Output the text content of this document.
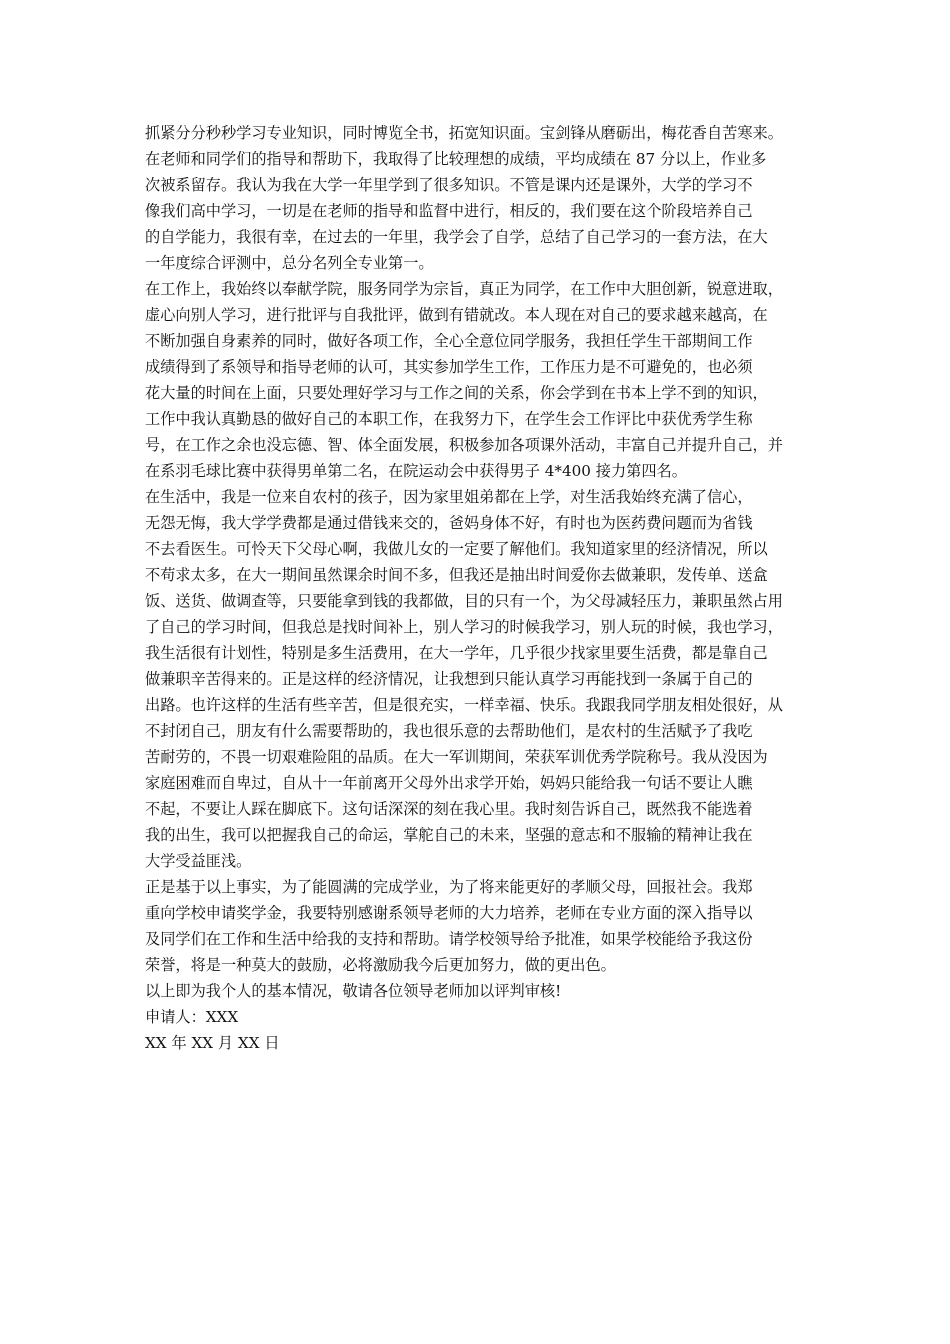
抓紧分分秒秒学习专业知识，同时博览全书，拓宽知识面。宝剑锋从磨砺出，梅花香自苦寒来。
在老师和同学们的指导和帮助下，我取得了比较理想的成绩，平均成绩在 87 分以上，作业多
次被系留存。我认为我在大学一年里学到了很多知识。不管是课内还是课外，大学的学习不
像我们高中学习，一切是在老师的指导和监督中进行，相反的，我们要在这个阶段培养自己
的自学能力，我很有幸，在过去的一年里，我学会了自学，总结了自己学习的一套方法，在大
一年度综合评测中，总分名列全专业第一。
在工作上，我始终以奉献学院，服务同学为宗旨，真正为同学，在工作中大胆创新，锐意进取，
虚心向别人学习，进行批评与自我批评，做到有错就改。本人现在对自己的要求越来越高，在
不断加强自身素养的同时，做好各项工作，全心全意位同学服务，我担任学生干部期间工作
成绩得到了系领导和指导老师的认可，其实参加学生工作，工作压力是不可避免的，也必须
花大量的时间在上面，只要处理好学习与工作之间的关系，你会学到在书本上学不到的知识，
工作中我认真勤恳的做好自己的本职工作，在我努力下，在学生会工作评比中获优秀学生称
号，在工作之余也没忘德、智、体全面发展，积极参加各项课外活动，丰富自己并提升自己，并
在系羽毛球比赛中获得男单第二名，在院运动会中获得男子 4*400 接力第四名。
在生活中，我是一位来自农村的孩子，因为家里姐弟都在上学，对生活我始终充满了信心，
无怨无悔，我大学学费都是通过借钱来交的，爸妈身体不好，有时也为医药费问题而为省钱
不去看医生。可怜天下父母心啊，我做儿女的一定要了解他们。我知道家里的经济情况，所以
不苟求太多，在大一期间虽然课余时间不多，但我还是抽出时间爱你去做兼职，发传单、送盒
饭、送货、做调查等，只要能拿到钱的我都做，目的只有一个，为父母减轻压力，兼职虽然占用
了自己的学习时间，但我总是找时间补上，别人学习的时候我学习，别人玩的时候，我也学习，
我生活很有计划性，特别是多生活费用，在大一学年，几乎很少找家里要生活费，都是靠自己
做兼职辛苦得来的。正是这样的经济情况，让我想到只能认真学习再能找到一条属于自己的
出路。也许这样的生活有些辛苦，但是很充实，一样幸福、快乐。我跟我同学朋友相处很好，从
不封闭自己，朋友有什么需要帮助的，我也很乐意的去帮助他们，是农村的生活赋予了我吃
苦耐劳的，不畏一切艰难险阻的品质。在大一军训期间，荣获军训优秀学院称号。我从没因为
家庭困难而自卑过，自从十一年前离开父母外出求学开始，妈妈只能给我一句话不要让人瞧
不起，不要让人踩在脚底下。这句话深深的刻在我心里。我时刻告诉自己，既然我不能选着
我的出生，我可以把握我自己的命运，掌舵自己的未来，坚强的意志和不服输的精神让我在
大学受益匪浅。
正是基于以上事实，为了能圆满的完成学业，为了将来能更好的孝顺父母，回报社会。我郑
重向学校申请奖学金，我要特别感谢系领导老师的大力培养，老师在专业方面的深入指导以
及同学们在工作和生活中给我的支持和帮助。请学校领导给予批准，如果学校能给予我这份
荣誉，将是一种莫大的鼓励，必将激励我今后更加努力，做的更出色。
以上即为我个人的基本情况，敬请各位领导老师加以评判审核!
申请人：XXX
XX 年 XX 月 XX 日
